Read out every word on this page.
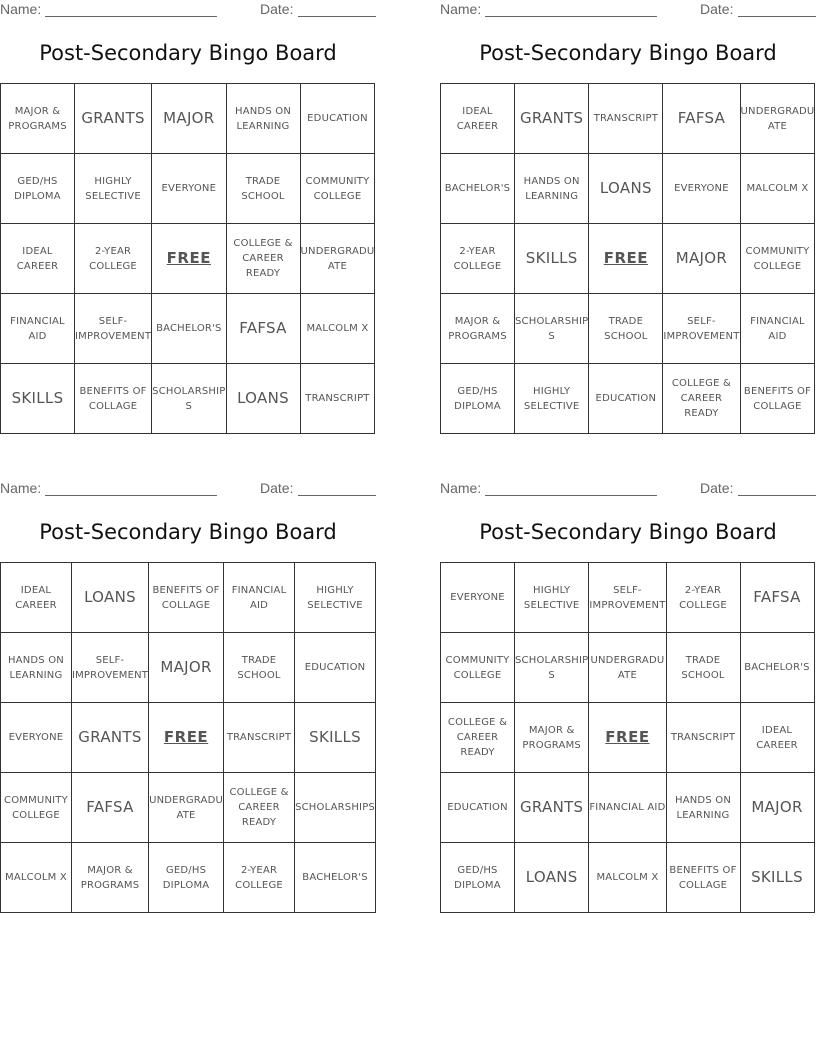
Name:	Date:
Post-Secondary Bingo Board
MAJOR & PROGRAMS	GRANTS	MAJOR	HANDS ON LEARNING	EDUCATION
GED/HS DIPLOMA	HIGHLY SELECTIVE	EVERYONE	TRADE SCHOOL	COMMUNITY COLLEGE
IDEAL CAREER	2-YEAR COLLEGE	FREE	COLLEGE & CAREER READY	UNDERGRADU ATE
FINANCIAL AID	SELF-IMPROVEMENT	BACHELOR'S	FAFSA	MALCOLM X
SKILLS	BENEFITS OF COLLAGE	SCHOLARSHIP S	LOANS	TRANSCRIPT
Name:	Date:
Post-Secondary Bingo Board
IDEAL CAREER	GRANTS	TRANSCRIPT	FAFSA	UNDERGRADU ATE
BACHELOR'S	HANDS ON LEARNING	LOANS	EVERYONE	MALCOLM X
2-YEAR COLLEGE	SKILLS	FREE	MAJOR	COMMUNITY COLLEGE
MAJOR & PROGRAMS	SCHOLARSHIP S	TRADE SCHOOL	SELF-IMPROVEMENT	FINANCIAL AID
GED/HS DIPLOMA	HIGHLY SELECTIVE	EDUCATION	COLLEGE & CAREER READY	BENEFITS OF COLLAGE
Name:	Date:
Post-Secondary Bingo Board
IDEAL CAREER	LOANS	BENEFITS OF COLLAGE	FINANCIAL AID	HIGHLY SELECTIVE
HANDS ON LEARNING	SELF-IMPROVEMENT	MAJOR	TRADE SCHOOL	EDUCATION
EVERYONE	GRANTS	FREE	TRANSCRIPT	SKILLS
COMMUNITY COLLEGE	FAFSA	UNDERGRADU ATE	COLLEGE & CAREER READY	SCHOLARSHIPS
MALCOLM X	MAJOR & PROGRAMS	GED/HS DIPLOMA	2-YEAR COLLEGE	BACHELOR'S
Name:	Date:
Post-Secondary Bingo Board
EVERYONE	HIGHLY SELECTIVE	SELF-IMPROVEMENT	2-YEAR COLLEGE	FAFSA
COMMUNITY COLLEGE	SCHOLARSHIP S	UNDERGRADU ATE	TRADE SCHOOL	BACHELOR'S
COLLEGE & CAREER READY	MAJOR & PROGRAMS	FREE	TRANSCRIPT	IDEAL CAREER
EDUCATION	GRANTS	FINANCIAL AID	HANDS ON LEARNING	MAJOR
GED/HS DIPLOMA	LOANS	MALCOLM X	BENEFITS OF COLLAGE	SKILLS
